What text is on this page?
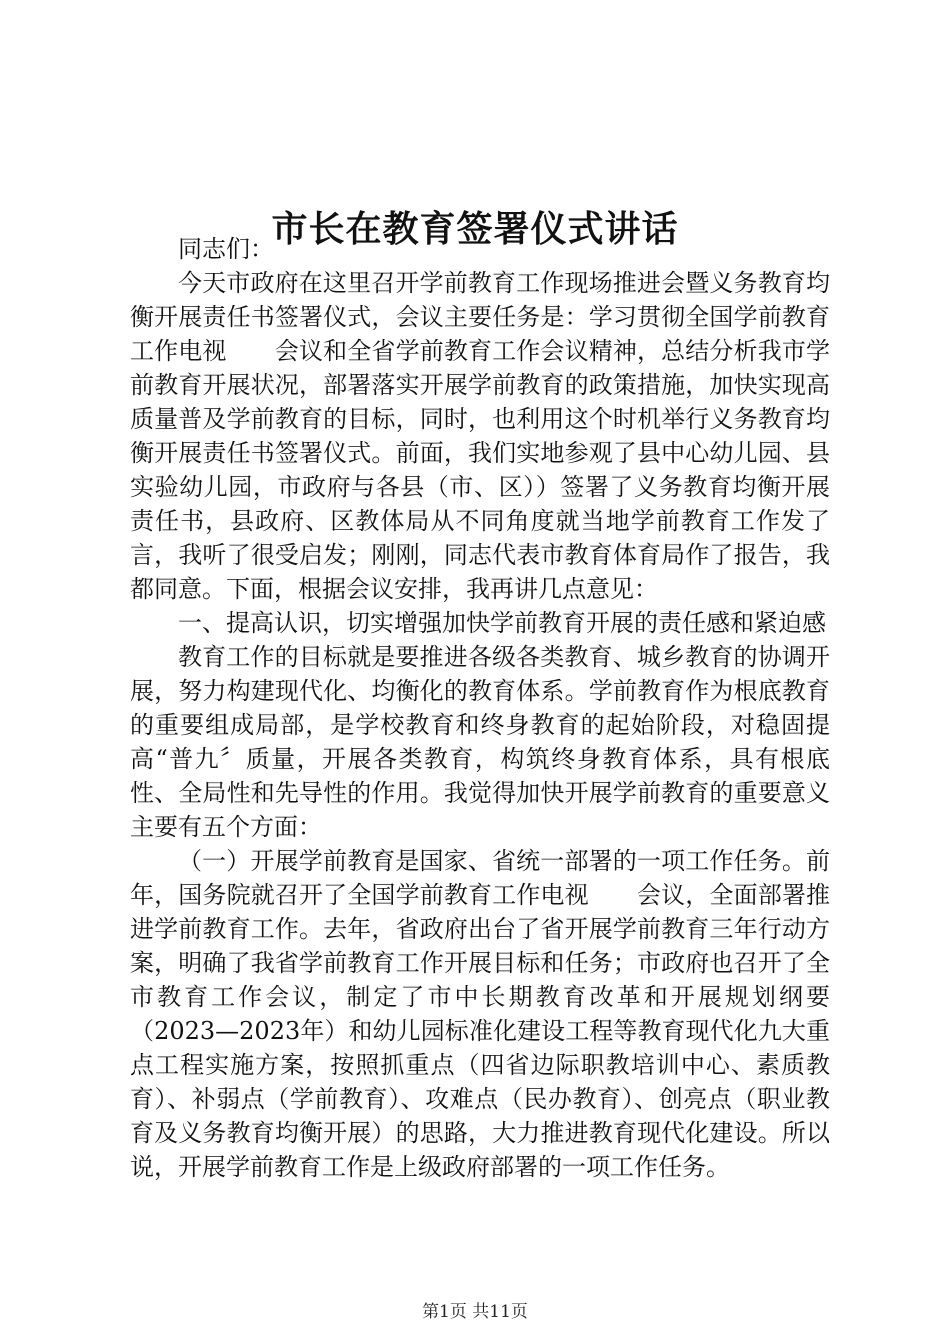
市长在教育签署仪式讲话

同志们：

今天市政府在这里召开学前教育工作现场推进会暨义务教育均衡开展责任书签署仪式，会议主要任务是：学习贯彻全国学前教育工作电视　　会议和全省学前教育工作会议精神，总结分析我市学前教育开展状况，部署落实开展学前教育的政策措施，加快实现高质量普及学前教育的目标，同时，也利用这个时机举行义务教育均衡开展责任书签署仪式。前面，我们实地参观了县中心幼儿园、县实验幼儿园，市政府与各县（市、区））签署了义务教育均衡开展责任书，县政府、区教体局从不同角度就当地学前教育工作发了言，我听了很受启发；刚刚，同志代表市教育体育局作了报告，我都同意。下面，根据会议安排，我再讲几点意见：

一、提高认识，切实增强加快学前教育开展的责任感和紧迫感

教育工作的目标就是要推进各级各类教育、城乡教育的协调开展，努力构建现代化、均衡化的教育体系。学前教育作为根底教育的重要组成局部，是学校教育和终身教育的起始阶段，对稳固提高“普九〞质量，开展各类教育，构筑终身教育体系，具有根底性、全局性和先导性的作用。我觉得加快开展学前教育的重要意义主要有五个方面：

（一）开展学前教育是国家、省统一部署的一项工作任务。前年，国务院就召开了全国学前教育工作电视　　会议，全面部署推进学前教育工作。去年，省政府出台了省开展学前教育三年行动方案，明确了我省学前教育工作开展目标和任务；市政府也召开了全市教育工作会议，制定了市中长期教育改革和开展规划纲要（2023—2023年）和幼儿园标准化建设工程等教育现代化九大重点工程实施方案，按照抓重点（四省边际职教培训中心、素质教育）、补弱点（学前教育）、攻难点（民办教育）、创亮点（职业教育及义务教育均衡开展）的思路，大力推进教育现代化建设。所以说，开展学前教育工作是上级政府部署的一项工作任务。

第1页 共11页
